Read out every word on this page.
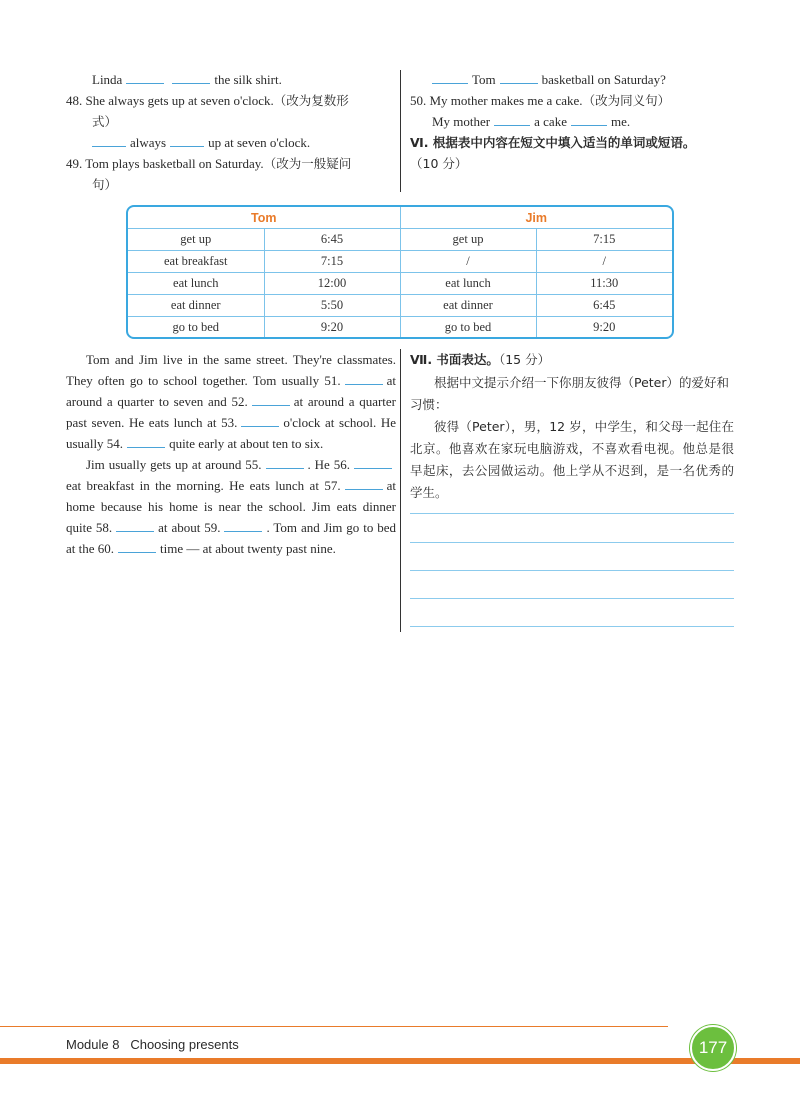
Linda	the silk shirt.
48. She always gets up at seven o'clock.（改为复数形
式）
always	up at seven o'clock.
49. Tom plays basketball on Saturday.（改为一般疑问
句）
Tom	basketball on Saturday?
50. My mother makes me a cake.（改为同义句）
My mother	a cake	me.
Ⅵ. 根据表中内容在短文中填入适当的单词或短语。
（10 分）
Tom		Jim	
get up	6:45	get up	7:15
eat breakfast	7:15	/	/
eat lunch	12:00	eat lunch	11:30
eat dinner	5:50	eat dinner	6:45
go to bed	9:20	go to bed	9:20

Tom and Jim live in the same street. They're classmates. They often go to school together. Tom usually 51.	at around a quarter to seven and 52.	at around a quarter past seven. He eats lunch at 53.	o'clock at school. He usually 54.	quite early at about ten to six.

Jim usually gets up at around 55.	. He 56.eat breakfast in the morning. He eats lunch at 57.	at home because his home is near the school. Jim eats dinner quite 58.	at about 59.	. Tom and Jim go to bed at the 60.	time — at about twenty past nine.

Ⅶ. 书面表达。（15 分）
根据中文提示介绍一下你朋友彼得（Peter）的爱好和习惯：
彼得（Peter），男，12 岁，中学生，和父母一起住在北京。他喜欢在家玩电脑游戏，不喜欢看电视。他总是很早起床，去公园做运动。他上学从不迟到，是一名优秀的学生。
Module 8 Choosing presents	177
